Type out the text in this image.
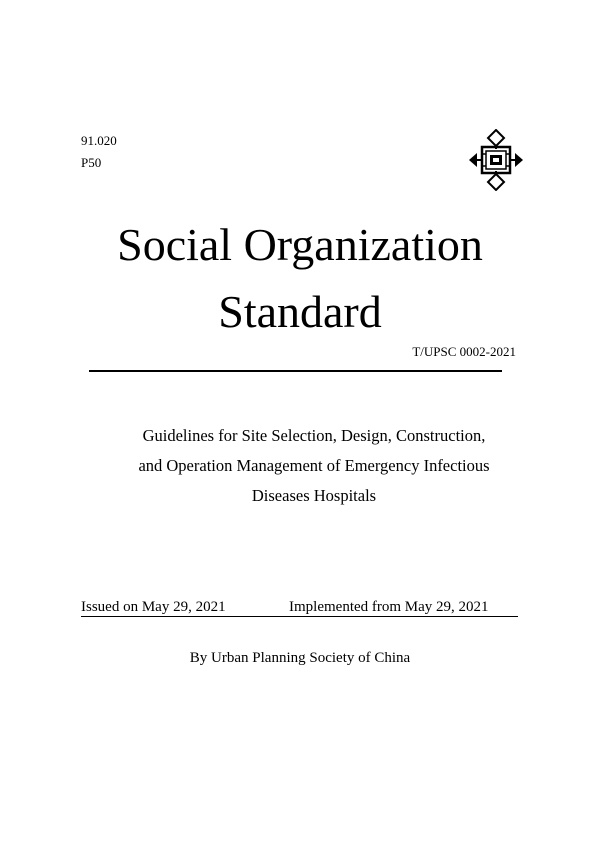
91.020
P50
Social Organization
Standard
T/UPSC 0002-2021
Guidelines for Site Selection, Design, Construction,
and Operation Management of Emergency Infectious
Diseases Hospitals
Issued on May 29, 2021	Implemented from May 29, 2021
By Urban Planning Society of China
